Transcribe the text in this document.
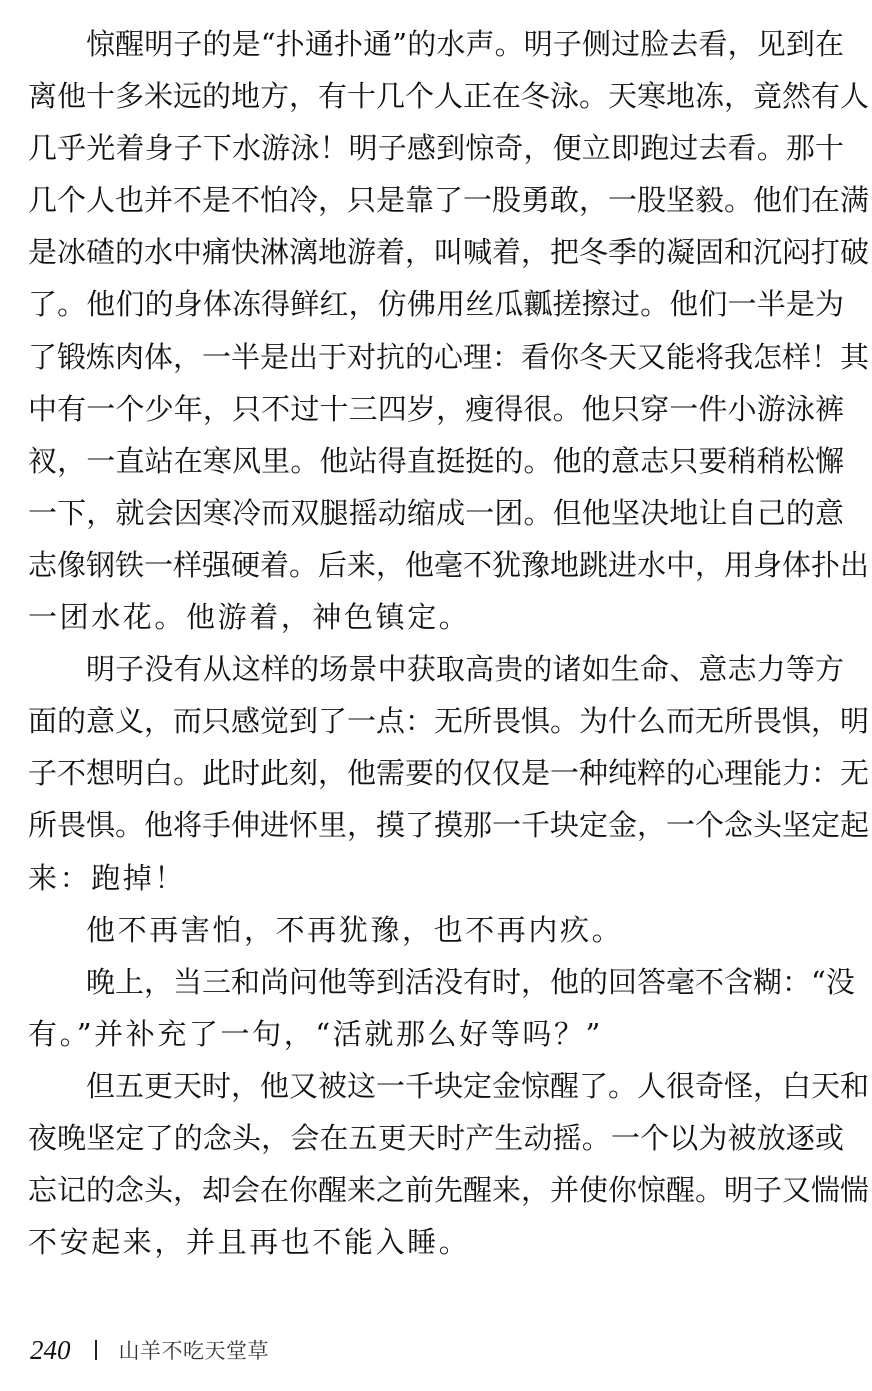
惊醒明子的是“扑通扑通”的水声。明子侧过脸去看，见到在
离他十多米远的地方，有十几个人正在冬泳。天寒地冻，竟然有人
几乎光着身子下水游泳！明子感到惊奇，便立即跑过去看。那十
几个人也并不是不怕冷，只是靠了一股勇敢，一股坚毅。他们在满
是冰碴的水中痛快淋漓地游着，叫喊着，把冬季的凝固和沉闷打破
了。他们的身体冻得鲜红，仿佛用丝瓜瓤搓擦过。他们一半是为
了锻炼肉体，一半是出于对抗的心理：看你冬天又能将我怎样！其
中有一个少年，只不过十三四岁，瘦得很。他只穿一件小游泳裤
衩，一直站在寒风里。他站得直挺挺的。他的意志只要稍稍松懈
一下，就会因寒冷而双腿摇动缩成一团。但他坚决地让自己的意
志像钢铁一样强硬着。后来，他毫不犹豫地跳进水中，用身体扑出
一团水花。他游着，神色镇定。
明子没有从这样的场景中获取高贵的诸如生命、意志力等方
面的意义，而只感觉到了一点：无所畏惧。为什么而无所畏惧，明
子不想明白。此时此刻，他需要的仅仅是一种纯粹的心理能力：无
所畏惧。他将手伸进怀里，摸了摸那一千块定金，一个念头坚定起
来：跑掉！
他不再害怕，不再犹豫，也不再内疚。
晚上，当三和尚问他等到活没有时，他的回答毫不含糊：“没
有。”并补充了一句，“活就那么好等吗？”
但五更天时，他又被这一千块定金惊醒了。人很奇怪，白天和
夜晚坚定了的念头，会在五更天时产生动摇。一个以为被放逐或
忘记的念头，却会在你醒来之前先醒来，并使你惊醒。明子又惴惴
不安起来，并且再也不能入睡。
240 山羊不吃天堂草
